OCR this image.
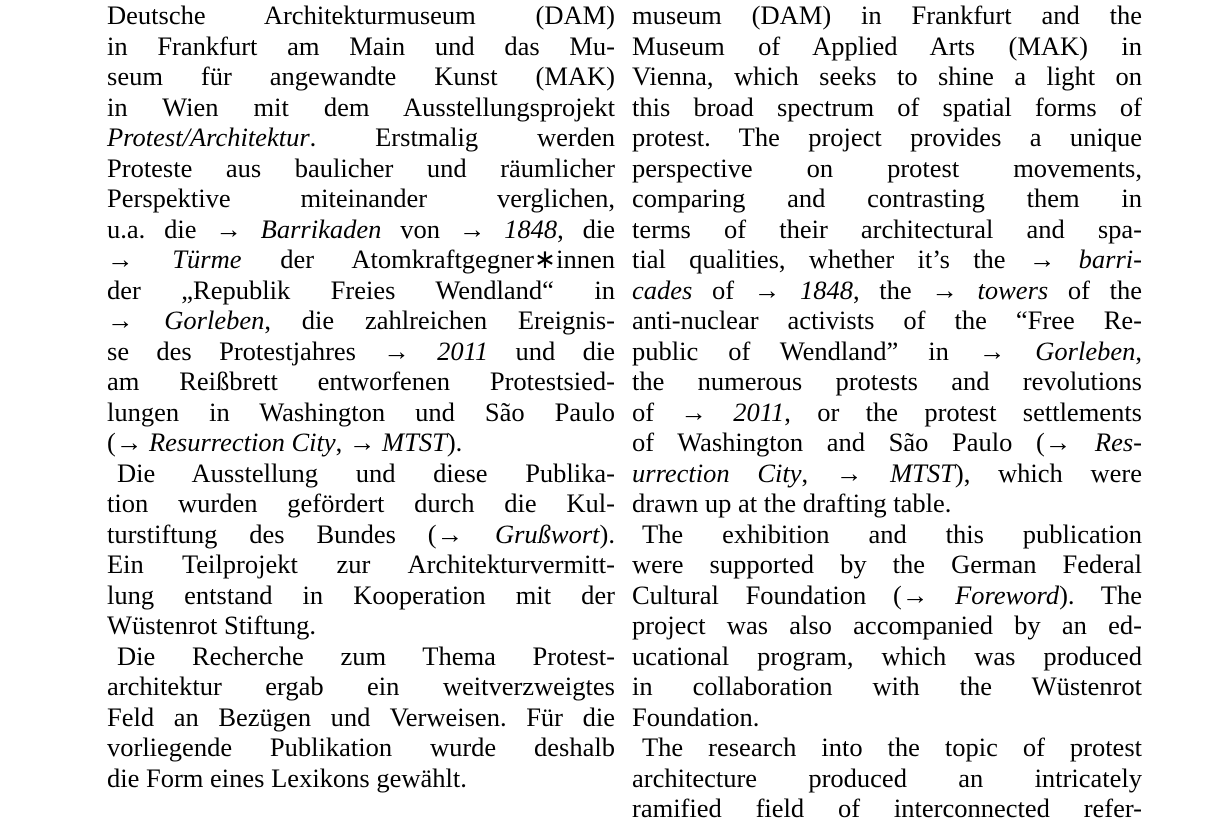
Deutsche Architekturmuseum (DAM)
in Frankfurt am Main und das Mu-
seum für angewandte Kunst (MAK)
in Wien mit dem Ausstellungsprojekt
Protest/Architektur. Erstmalig werden
Proteste aus baulicher und räumlicher
Perspektive miteinander verglichen,
u.a. die → Barrikaden von → 1848, die
→ Türme der Atomkraftgegner∗innen
der „Republik Freies Wendland“ in
→ Gorleben, die zahlreichen Ereignis-
se des Protestjahres → 2011 und die
am Reißbrett entworfenen Protestsied-
lungen in Washington und São Paulo
(→ Resurrection City, → MTST).
Die Ausstellung und diese Publika-
tion wurden gefördert durch die Kul-
turstiftung des Bundes (→ Grußwort).
Ein Teilprojekt zur Architekturvermitt-
lung entstand in Kooperation mit der
Wüstenrot Stiftung.
Die Recherche zum Thema Protest-
architektur ergab ein weitverzweigtes
Feld an Bezügen und Verweisen. Für die
vorliegende Publikation wurde deshalb
die Form eines Lexikons gewählt.
museum (DAM) in Frankfurt and the
Museum of Applied Arts (MAK) in
Vienna, which seeks to shine a light on
this broad spectrum of spatial forms of
protest. The project provides a unique
perspective on protest movements,
comparing and contrasting them in
terms of their architectural and spa-
tial qualities, whether it’s the → barri-
cades of → 1848, the → towers of the
anti-nuclear activists of the “Free Re-
public of Wendland” in → Gorleben,
the numerous protests and revolutions
of → 2011, or the protest settlements
of Washington and São Paulo (→ Res-
urrection City, → MTST), which were
drawn up at the drafting table.
The exhibition and this publication
were supported by the German Federal
Cultural Foundation (→ Foreword). The
project was also accompanied by an ed-
ucational program, which was produced
in collaboration with the Wüstenrot
Foundation.
The research into the topic of protest
architecture produced an intricately
ramified field of interconnected refer-
